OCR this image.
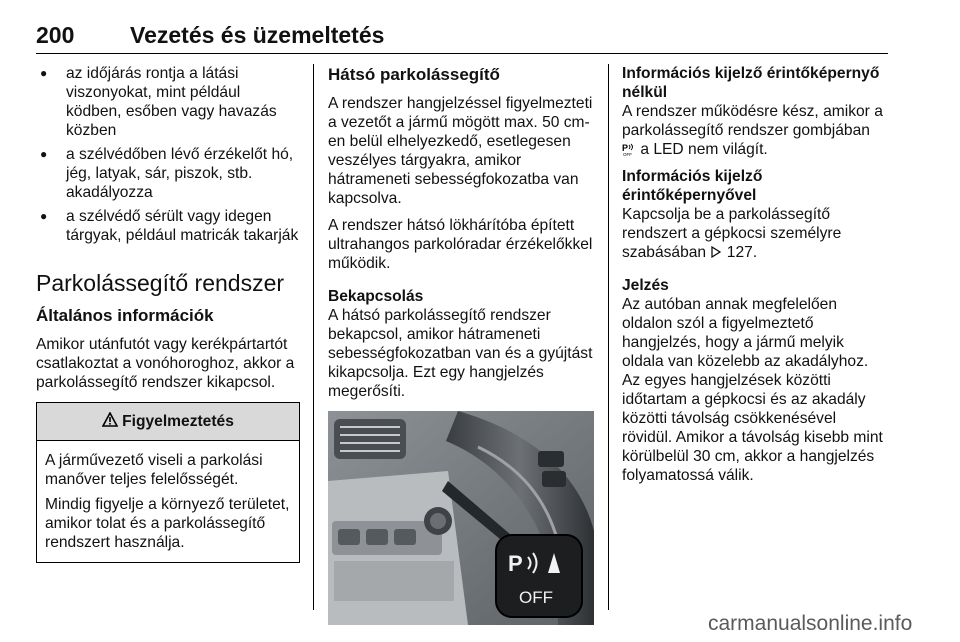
200 Vezetés és üzemeltetés
● az időjárás rontja a látási viszonyokat, mint például ködben, esőben vagy havazás közben
● a szélvédőben lévő érzékelőt hó, jég, latyak, sár, piszok, stb. akadályozza
● a szélvédő sérült vagy idegen tárgyak, például matricák takarják
Parkolássegítő rendszer
Általános információk

Amikor utánfutót vagy kerékpártartót csatlakoztat a vonóhoroghoz, akkor a parkolássegítő rendszer kikapcsol.

Figyelmeztetés

A járművezető viseli a parkolási manőver teljes felelősségét.

Mindig figyelje a környező területet, amikor tolat és a parkolássegítő rendszert használja.

Hátsó parkolássegítő

A rendszer hangjelzéssel figyelmezteti a vezetőt a jármű mögött max. 50 cm-en belül elhelyezkedő, esetlegesen veszélyes tárgyakra, amikor hátrameneti sebességfokozatba van kapcsolva.

A rendszer hátsó lökhárítóba épített ultrahangos parkolóradar érzékelőkkel működik.

Bekapcsolás

A hátsó parkolássegítő rendszer bekapcsol, amikor hátrameneti sebességfokozatban van és a gyújtást kikapcsolja. Ezt egy hangjelzés megerősíti.

P
OFF
Információs kijelző érintőképernyő nélkül

A rendszer működésre kész, amikor a parkolássegítő rendszer gombjában
P
OFF a LED nem világít.

Információs kijelző érintőképernyővel

Kapcsolja be a parkolássegítő rendszert a gépkocsi személyre szabásában 127.

Jelzés

Az autóban annak megfelelően oldalon szól a figyelmeztető hangjelzés, hogy a jármű melyik oldala van közelebb az akadályhoz. Az egyes hangjelzések közötti időtartam a gépkocsi és az akadály közötti távolság csökkenésével rövidül. Amikor a távolság kisebb mint körülbelül 30 cm, akkor a hangjelzés folyamatossá válik.

carmanualsonline.info
